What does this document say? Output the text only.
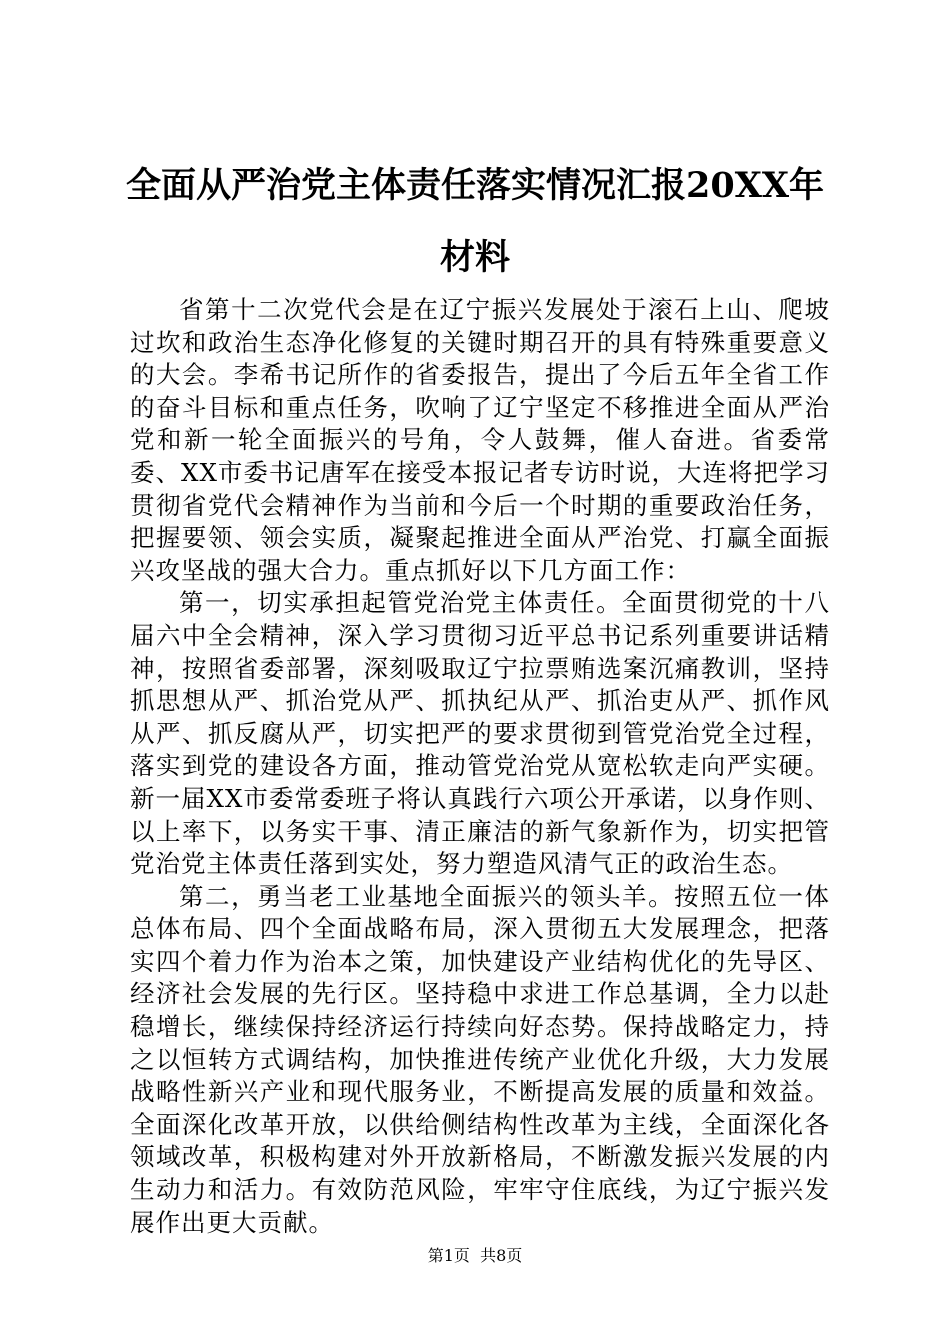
全面从严治党主体责任落实情况汇报20XX年材料

省第十二次党代会是在辽宁振兴发展处于滚石上山、爬坡过坎和政治生态净化修复的关键时期召开的具有特殊重要意义的大会。李希书记所作的省委报告，提出了今后五年全省工作的奋斗目标和重点任务，吹响了辽宁坚定不移推进全面从严治党和新一轮全面振兴的号角，令人鼓舞，催人奋进。省委常委、XX市委书记唐军在接受本报记者专访时说，大连将把学习贯彻省党代会精神作为当前和今后一个时期的重要政治任务，把握要领、领会实质，凝聚起推进全面从严治党、打赢全面振兴攻坚战的强大合力。重点抓好以下几方面工作：

第一，切实承担起管党治党主体责任。全面贯彻党的十八届六中全会精神，深入学习贯彻习近平总书记系列重要讲话精神，按照省委部署，深刻吸取辽宁拉票贿选案沉痛教训，坚持抓思想从严、抓治党从严、抓执纪从严、抓治吏从严、抓作风从严、抓反腐从严，切实把严的要求贯彻到管党治党全过程，落实到党的建设各方面，推动管党治党从宽松软走向严实硬。新一届XX市委常委班子将认真践行六项公开承诺，以身作则、以上率下，以务实干事、清正廉洁的新气象新作为，切实把管党治党主体责任落到实处，努力塑造风清气正的政治生态。

第二，勇当老工业基地全面振兴的领头羊。按照五位一体总体布局、四个全面战略布局，深入贯彻五大发展理念，把落实四个着力作为治本之策，加快建设产业结构优化的先导区、经济社会发展的先行区。坚持稳中求进工作总基调，全力以赴稳增长，继续保持经济运行持续向好态势。保持战略定力，持之以恒转方式调结构，加快推进传统产业优化升级，大力发展战略性新兴产业和现代服务业，不断提高发展的质量和效益。全面深化改革开放，以供给侧结构性改革为主线，全面深化各领域改革，积极构建对外开放新格局，不断激发振兴发展的内生动力和活力。有效防范风险，牢牢守住底线，为辽宁振兴发展作出更大贡献。

第1页  共8页
